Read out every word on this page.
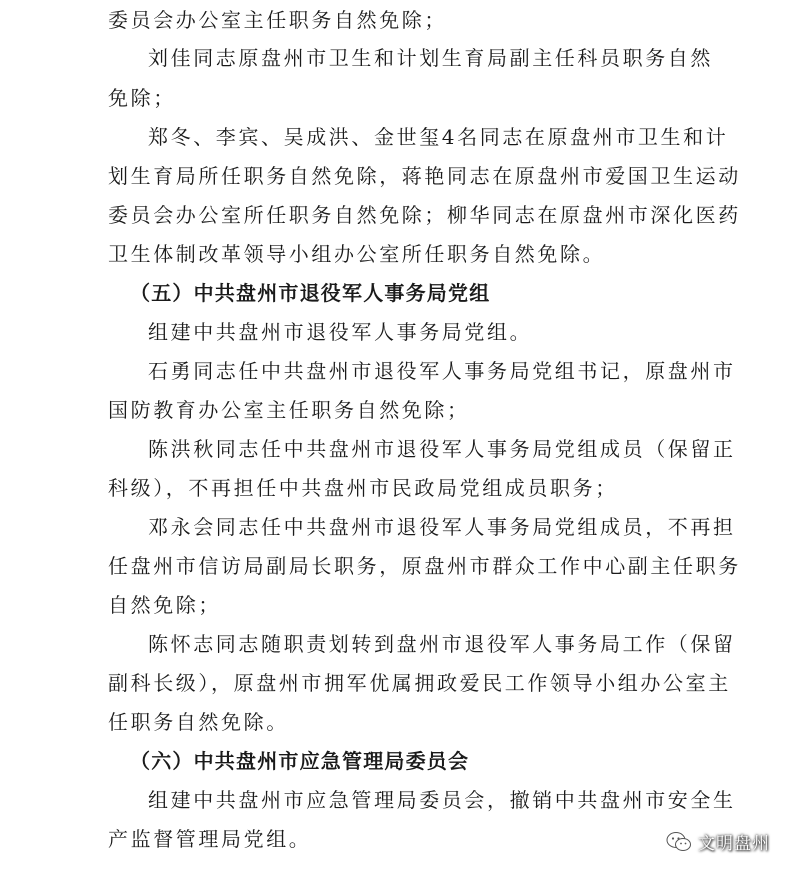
委员会办公室主任职务自然免除；
刘佳同志原盘州市卫生和计划生育局副主任科员职务自然
免除；
郑冬、李宾、吴成洪、金世玺4名同志在原盘州市卫生和计
划生育局所任职务自然免除，蒋艳同志在原盘州市爱国卫生运动
委员会办公室所任职务自然免除；柳华同志在原盘州市深化医药
卫生体制改革领导小组办公室所任职务自然免除。
（五）中共盘州市退役军人事务局党组
组建中共盘州市退役军人事务局党组。
石勇同志任中共盘州市退役军人事务局党组书记，原盘州市
国防教育办公室主任职务自然免除；
陈洪秋同志任中共盘州市退役军人事务局党组成员（保留正
科级），不再担任中共盘州市民政局党组成员职务；
邓永会同志任中共盘州市退役军人事务局党组成员，不再担
任盘州市信访局副局长职务，原盘州市群众工作中心副主任职务
自然免除；
陈怀志同志随职责划转到盘州市退役军人事务局工作（保留
副科长级），原盘州市拥军优属拥政爱民工作领导小组办公室主
任职务自然免除。
（六）中共盘州市应急管理局委员会
组建中共盘州市应急管理局委员会，撤销中共盘州市安全生
产监督管理局党组。	文明盘州
